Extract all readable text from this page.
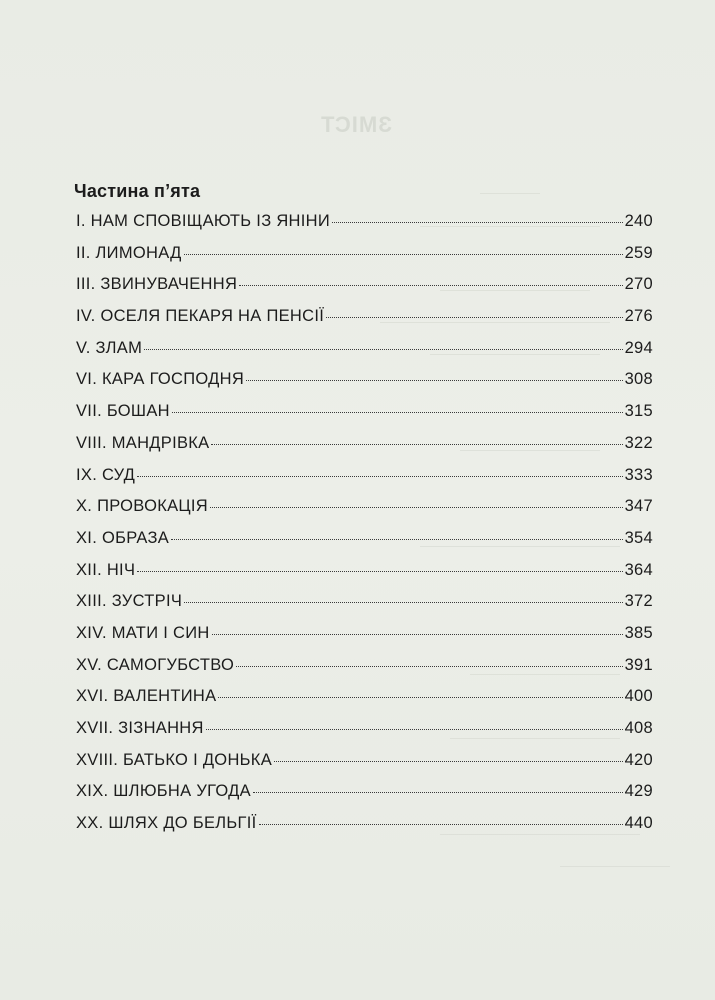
ЗМІСТ
Частина п’ята
I. НАМ СПОВІЩАЮТЬ ІЗ ЯНІНИ	240
II. ЛИМОНАД	259
III. ЗВИНУВАЧЕННЯ	270
IV. ОСЕЛЯ ПЕКАРЯ НА ПЕНСІЇ	276
V. ЗЛАМ	294
VI. КАРА ГОСПОДНЯ	308
VII. БОШАН	315
VIII. МАНДРІВКА	322
IX. СУД	333
X. ПРОВОКАЦІЯ	347
XI. ОБРАЗА	354
XII. НІЧ	364
XIII. ЗУСТРІЧ	372
XIV. МАТИ І СИН	385
XV. САМОГУБСТВО	391
XVI. ВАЛЕНТИНА	400
XVII. ЗІЗНАННЯ	408
XVIII. БАТЬКО І ДОНЬКА	420
XIX. ШЛЮБНА УГОДА	429
XX. ШЛЯХ ДО БЕЛЬГІЇ	440
